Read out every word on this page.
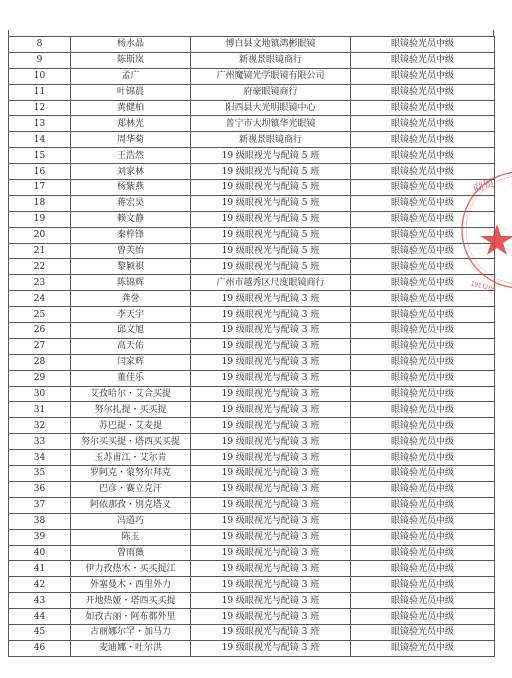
8	杨水晶	博白县文地镇鸿彬眼镜	眼镜验光员中级
9	陈斯岚	新视景眼镜商行	眼镜验光员中级
10	孟广	广州魔镜光学眼镜有限公司	眼镜验光员中级
11	叶锦晨	府豪眼镜商行	眼镜验光员中级
12	黄健柏	阳西县大光明眼镜中心	眼镜验光员中级
13	郑林光	普宁市大坝镇华光眼镜	眼镜验光员中级
14	周华菊	新视景眼镜商行	眼镜验光员中级
15	王浩然	19 级眼视光与配镜 5 班	眼镜验光员中级
16	刘家林	19 级眼视光与配镜 5 班	眼镜验光员中级
17	杨紫燕	19 级眼视光与配镜 5 班	眼镜验光员中级
18	蒋宏昊	19 级眼视光与配镜 5 班	眼镜验光员中级
19	赖文静	19 级眼视光与配镜 5 班	眼镜验光员中级
20	秦梓锋	19 级眼视光与配镜 5 班	眼镜验光员中级
21	曾芙怡	19 级眼视光与配镜 5 班	眼镜验光员中级
22	黎颖祺	19 级眼视光与配镜 5 班	眼镜验光员中级
23	陈锦辉	广州市越秀区尺度眼镜商行	眼镜验光员中级
24	龚誉	19 级眼视光与配镜 3 班	眼镜验光员中级
25	李天宇	19 级眼视光与配镜 3 班	眼镜验光员中级
26	邱文旭	19 级眼视光与配镜 3 班	眼镜验光员中级
27	高天佑	19 级眼视光与配镜 3 班	眼镜验光员中级
28	闫家辉	19 级眼视光与配镜 3 班	眼镜验光员中级
29	董佳乐	19 级眼视光与配镜 3 班	眼镜验光员中级
30	艾孜哈尔・艾合买提	19 级眼视光与配镜 3 班	眼镜验光员中级
31	努尔扎提・买买提	19 级眼视光与配镜 3 班	眼镜验光员中级
32	苏巴提・艾麦提	19 级眼视光与配镜 3 班	眼镜验光员中级
33	努尔买买提・塔西买买提	19 级眼视光与配镜 3 班	眼镜验光员中级
34	玉苏甫江・艾尔肯	19 级眼视光与配镜 3 班	眼镜验光员中级
35	罗阿克・蒙努尔拜克	19 级眼视光与配镜 3 班	眼镜验光员中级
36	巴彦・赛立克汗	19 级眼视光与配镜 3 班	眼镜验光员中级
37	阿依那孜・別克塔义	19 级眼视光与配镜 3 班	眼镜验光员中级
38	冯道巧	19 级眼视光与配镜 3 班	眼镜验光员中级
39	陈玉	19 级眼视光与配镜 3 班	眼镜验光员中级
40	曾雨薇	19 级眼视光与配镜 3 班	眼镜验光员中级
41	伊力孜热木・买买提江	19 级眼视光与配镜 3 班	眼镜验光员中级
42	外塞曼木・西里外力	19 级眼视光与配镜 3 班	眼镜验光员中级
43	开地热娅・塔西买买提	19 级眼视光与配镜 3 班	眼镜验光员中级
44	如孜古丽・阿布都外里	19 级眼视光与配镜 3 班	眼镜验光员中级
45	古丽娜尔罕・加马力	19 级眼视光与配镜 3 班	眼镜验光员中级
46	麦迪娜・吐尔洪	19 级眼视光与配镜 3 班	眼镜验光员中级
商贸
1011206
